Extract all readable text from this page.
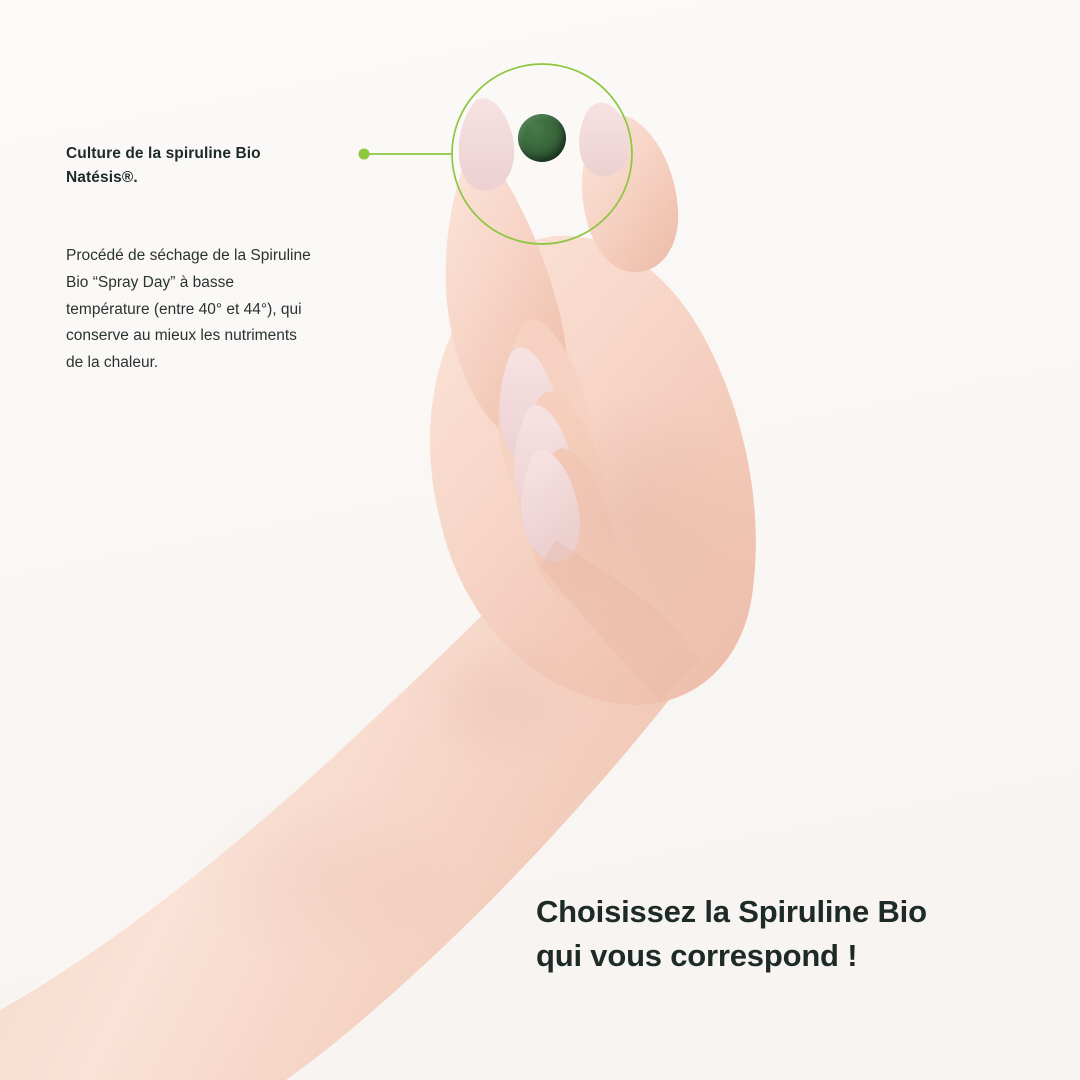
Culture de la spiruline Bio Natésis®.
Procédé de séchage de la Spiruline Bio “Spray Day” à basse température (entre 40° et 44°), qui conserve au mieux les nutriments de la chaleur.
Choisissez la Spiruline Bio
qui vous correspond !
